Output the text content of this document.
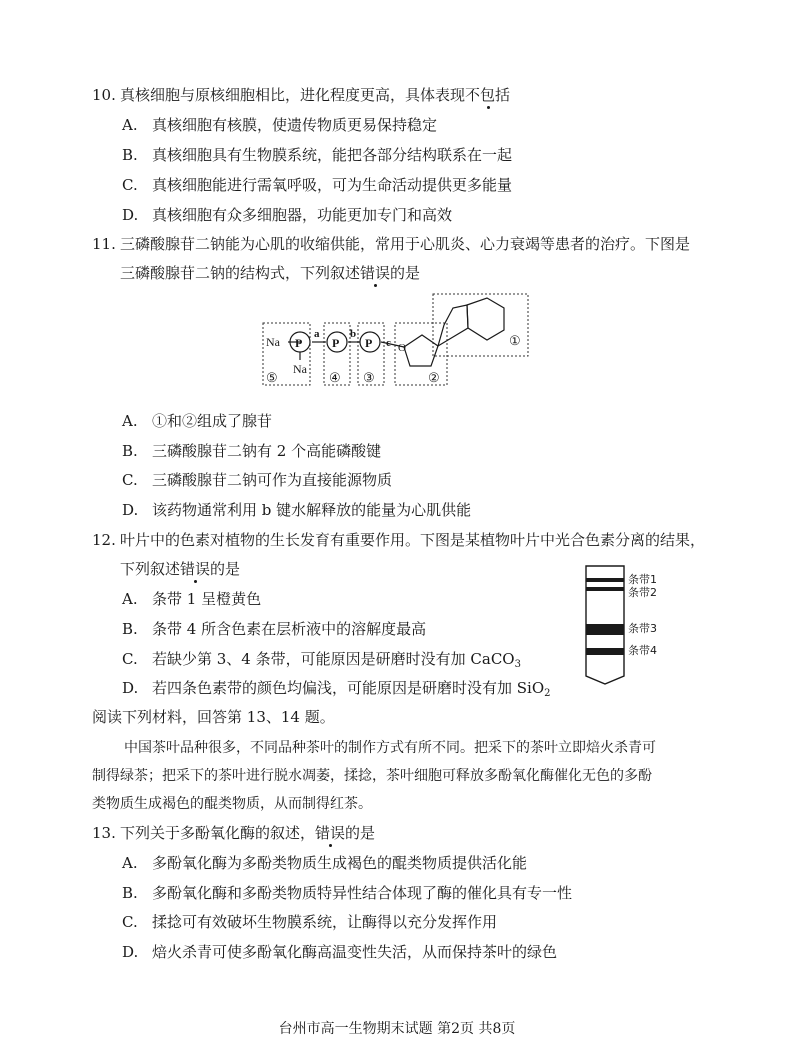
10. 真核细胞与原核细胞相比，进化程度更高，具体表现不包括
A. 真核细胞有核膜，使遗传物质更易保持稳定
B. 真核细胞具有生物膜系统，能把各部分结构联系在一起
C. 真核细胞能进行需氧呼吸，可为生命活动提供更多能量
D. 真核细胞有众多细胞器，功能更加专门和高效
11. 三磷酸腺苷二钠能为心肌的收缩供能，常用于心肌炎、心力衰竭等患者的治疗。下图是
三磷酸腺苷二钠的结构式，下列叙述错误的是
Na
Na
P P P
a	b
c O	①
②
③
④
⑤
A. ①和②组成了腺苷
B. 三磷酸腺苷二钠有 2 个高能磷酸键
C. 三磷酸腺苷二钠可作为直接能源物质
D. 该药物通常利用 b 键水解释放的能量为心肌供能
12. 叶片中的色素对植物的生长发育有重要作用。下图是某植物叶片中光合色素分离的结果，
下列叙述错误的是
条带1
条带2
条带3
条带4
A. 条带 1 呈橙黄色
B. 条带 4 所含色素在层析液中的溶解度最高
C. 若缺少第 3、4 条带，可能原因是研磨时没有加 CaCO$_3$
D. 若四条色素带的颜色均偏浅，可能原因是研磨时没有加 SiO$_2$
阅读下列材料，回答第 13、14 题。
中国茶叶品种很多，不同品种茶叶的制作方式有所不同。把采下的茶叶立即焙火杀青可
制得绿茶；把采下的茶叶进行脱水凋萎，揉捻，茶叶细胞可释放多酚氧化酶催化无色的多酚
类物质生成褐色的醌类物质，从而制得红茶。
13. 下列关于多酚氧化酶的叙述，错误的是
A. 多酚氧化酶为多酚类物质生成褐色的醌类物质提供活化能
B. 多酚氧化酶和多酚类物质特异性结合体现了酶的催化具有专一性
C. 揉捻可有效破坏生物膜系统，让酶得以充分发挥作用
D. 焙火杀青可使多酚氧化酶高温变性失活，从而保持茶叶的绿色
台州市高一生物期末试题 第2页 共8页
